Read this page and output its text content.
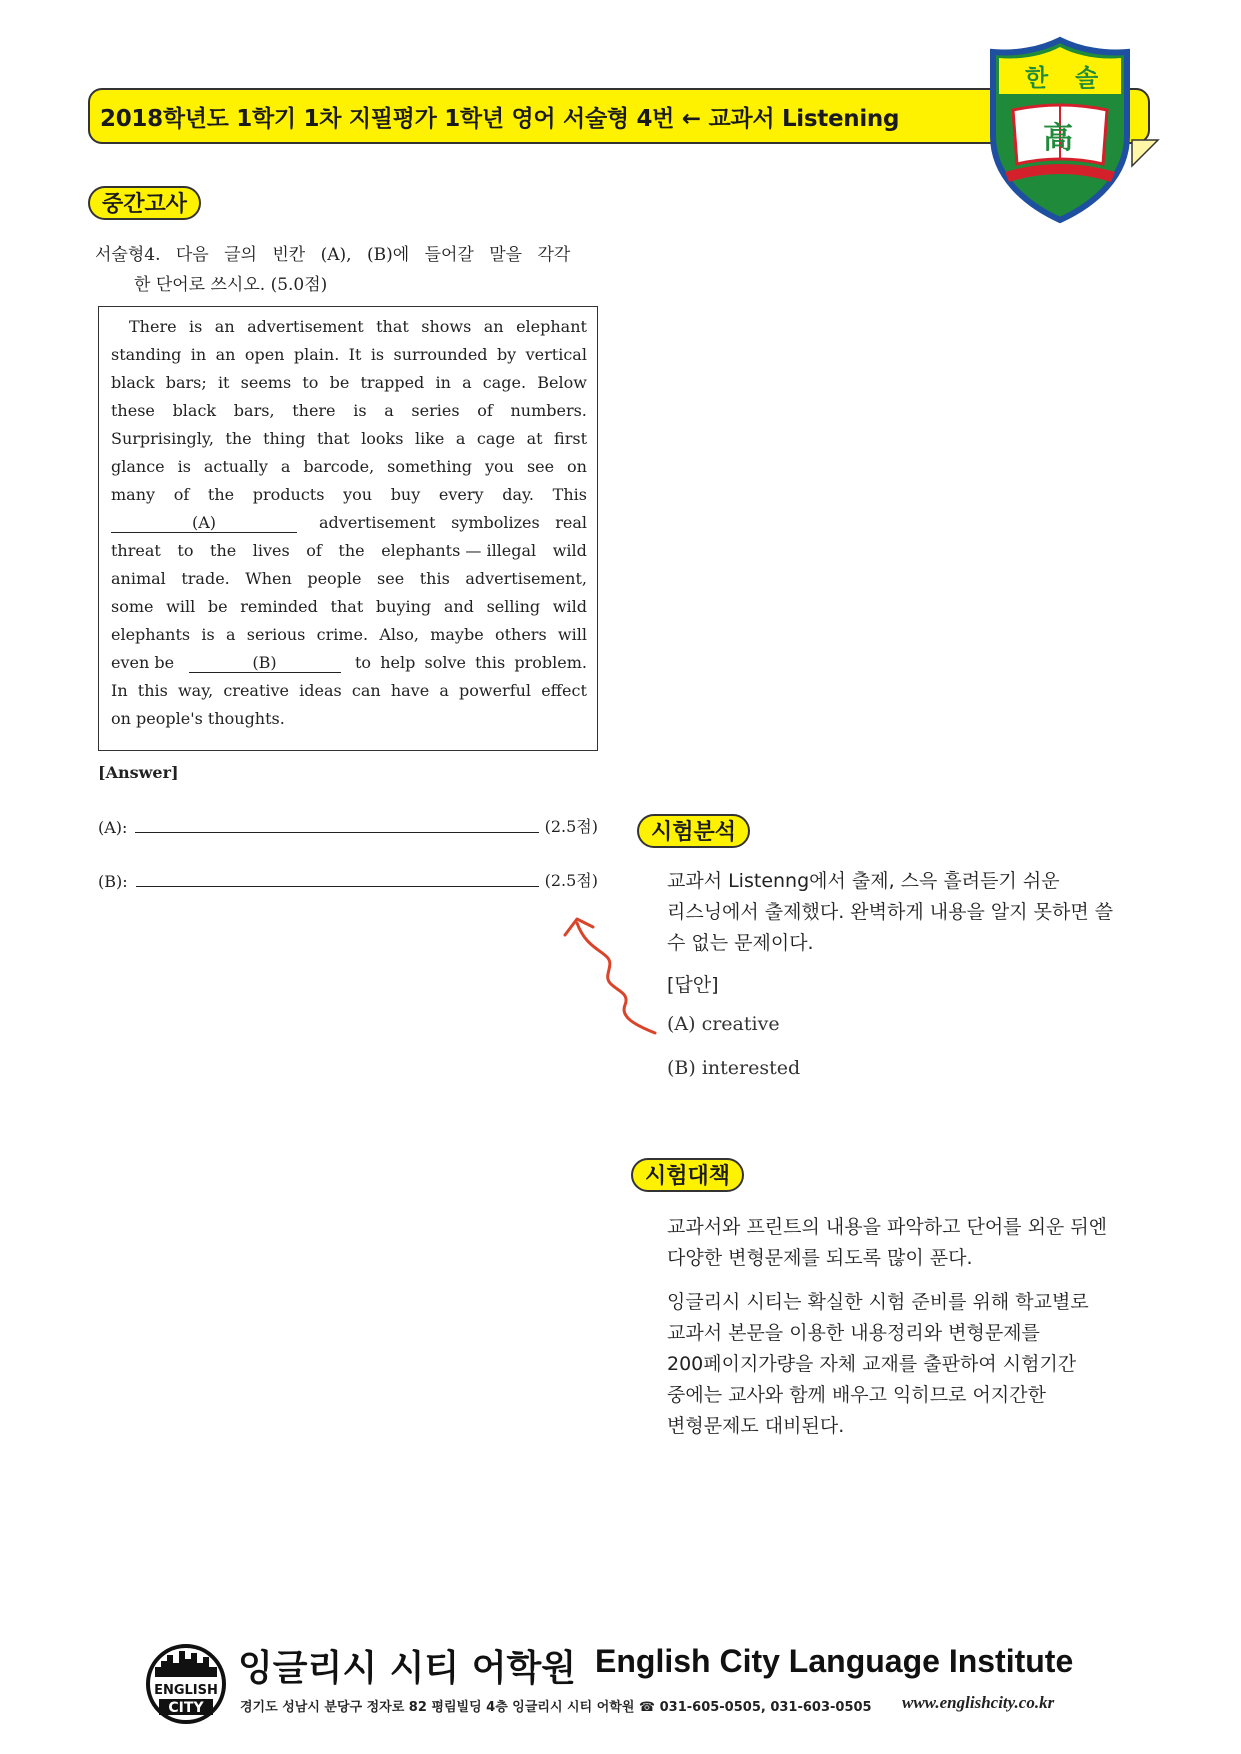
2018학년도 1학기 1차 지필평가 1학년 영어 서술형 4번 ← 교과서 Listening
한 솔
高
중간고사
서술형4. 다음 글의 빈칸 (A), (B)에 들어갈 말을 각각
한 단어로 쓰시오. (5.0점)
There is an advertisement that shows an elephant
standing in an open plain. It is surrounded by vertical
black bars; it seems to be trapped in a cage. Below
these black bars, there is a series of numbers.
Surprisingly, the thing that looks like a cage at first
glance is actually a barcode, something you see on
many of the products you buy every day. This
(A)	advertisement symbolizes real
threat to the lives of the elephants — illegal wild
animal trade. When people see this advertisement,
some will be reminded that buying and selling wild
elephants is a serious crime. Also, maybe others will
even be	(B)	to help solve this problem.
In this way, creative ideas can have a powerful effect
on people's thoughts.
[Answer]
(A):	(2.5점)
(B):	(2.5점)
시험분석
교과서 Listenng에서 출제, 스윽 흘려듣기 쉬운
리스닝에서 출제했다. 완벽하게 내용을 알지 못하면 쓸
수 없는 문제이다.
[답안]
(A) creative
(B) interested
시험대책
교과서와 프린트의 내용을 파악하고 단어를 외운 뒤엔
다양한 변형문제를 되도록 많이 푼다.
잉글리시 시티는 확실한 시험 준비를 위해 학교별로
교과서 본문을 이용한 내용정리와 변형문제를
200페이지가량을 자체 교재를 출판하여 시험기간
중에는 교사와 함께 배우고 익히므로 어지간한
변형문제도 대비된다.
ENGLISH
CITY
잉글리시 시티 어학원 English City Language Institute
경기도 성남시 분당구 정자로 82 평림빌딩 4층 잉글리시 시티 어학원 ☎ 031-605-0505, 031-603-0505 www.englishcity.co.kr
